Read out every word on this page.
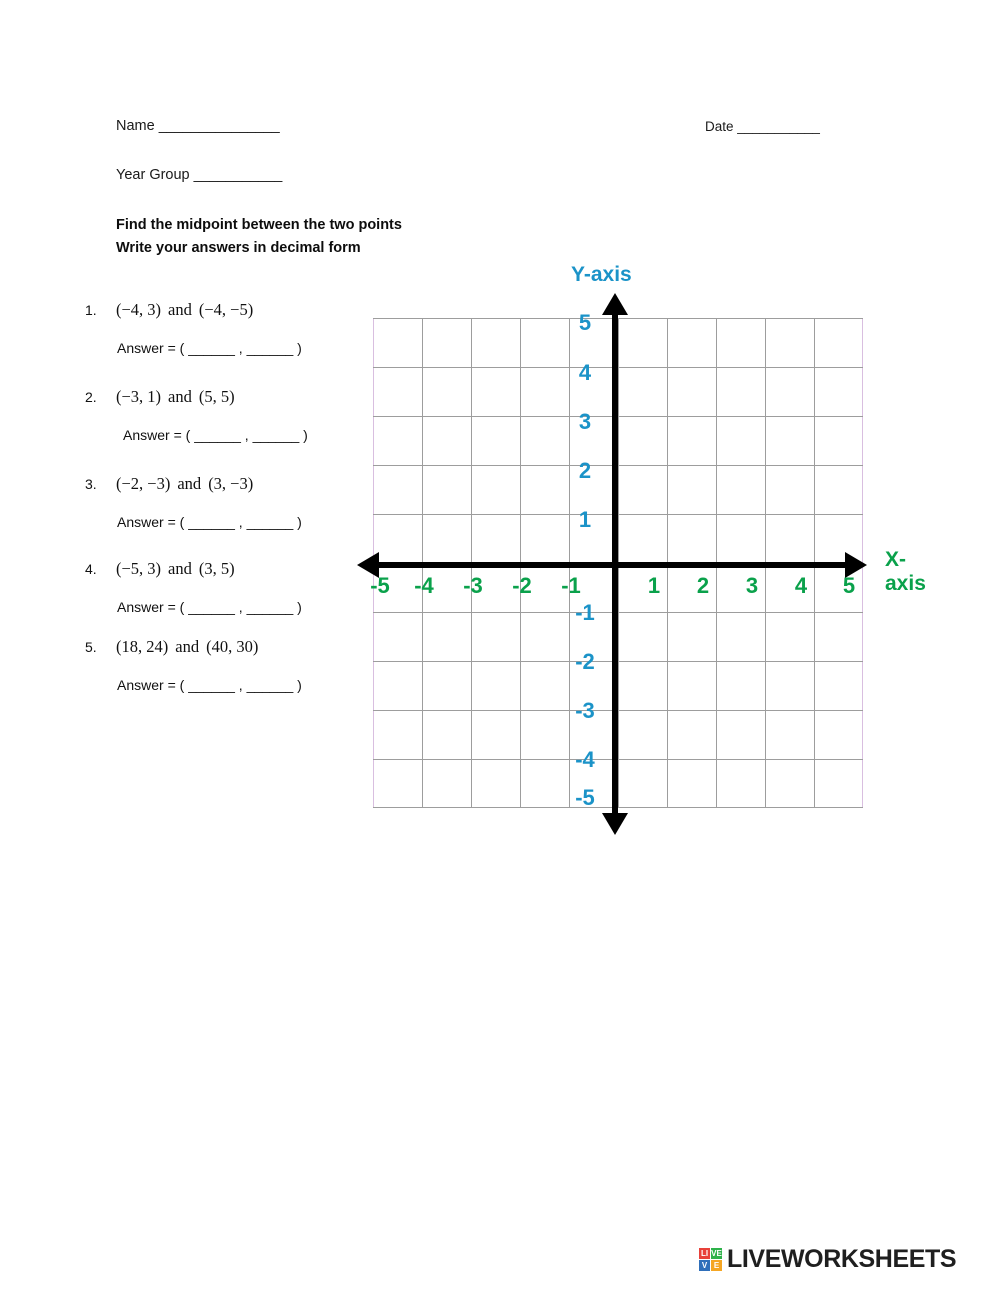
Name _______________	Date ___________
Year Group ___________
Find the midpoint between the two points
Write your answers in decimal form
1. (−4, 3) and (−4, −5)
Answer = ( ______ , ______ )
2. (−3, 1) and (5, 5)
Answer = ( ______ , ______ )
3. (−2, −3) and (3, −3)
Answer = ( ______ , ______ )
4. (−5, 3) and (3, 5)
Answer = ( ______ , ______ )
5. (18, 24) and (40, 30)
Answer = ( ______ , ______ )
Y-axis
X-axis
-5	-4	-3	-2	-1	1	2	3	4	5
5
4
3
2
1
-1
-2
-3
-4
-5
LI VE
V E LIVEWORKSHEETS
